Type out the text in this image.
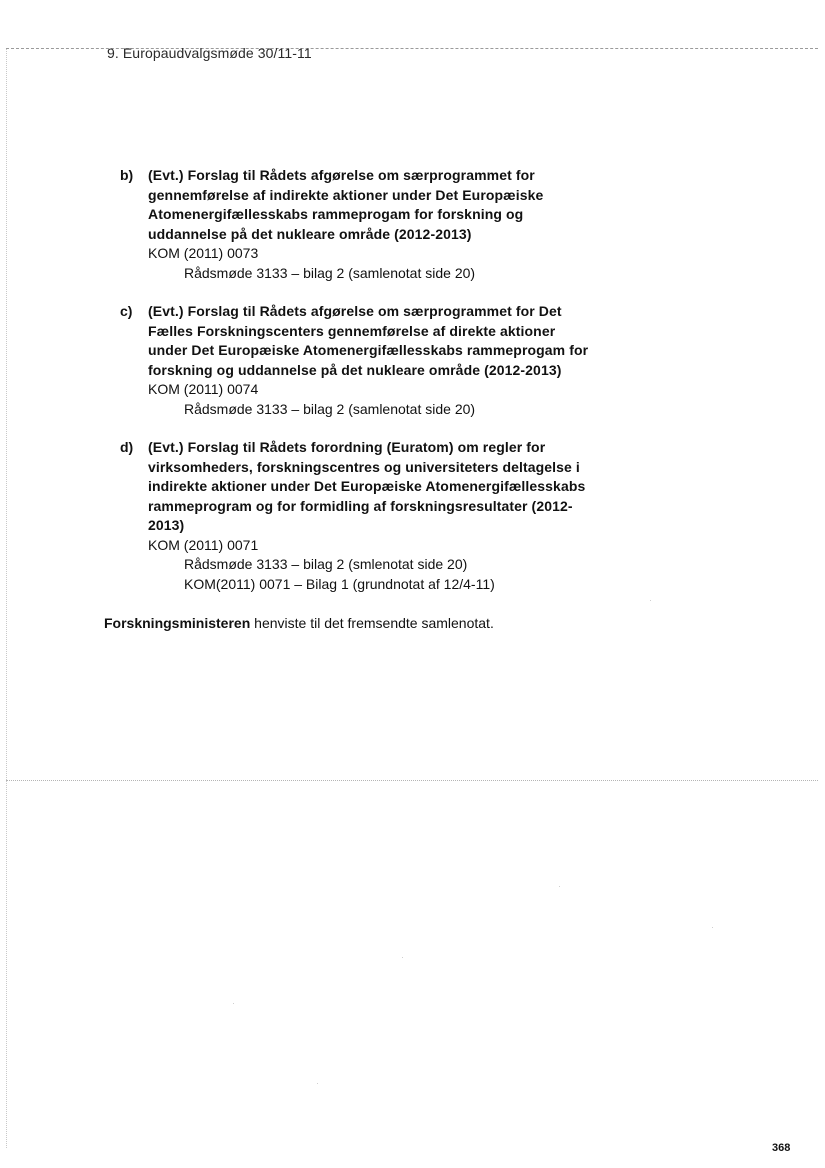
9. Europaudvalgsmøde 30/11-11
b) (Evt.) Forslag til Rådets afgørelse om særprogrammet for gennemførelse af indirekte aktioner under Det Europæiske Atomenergifællesskabs rammeprogam for forskning og uddannelse på det nukleare område (2012-2013)
KOM (2011) 0073
Rådsmøde 3133 – bilag 2 (samlenotat side 20)
c) (Evt.) Forslag til Rådets afgørelse om særprogrammet for Det Fælles Forskningscenters gennemførelse af direkte aktioner under Det Europæiske Atomenergifællesskabs rammeprogam for forskning og uddannelse på det nukleare område (2012-2013)
KOM (2011) 0074
Rådsmøde 3133 – bilag 2 (samlenotat side 20)
d) (Evt.) Forslag til Rådets forordning (Euratom) om regler for virksomheders, forskningscentres og universiteters deltagelse i indirekte aktioner under Det Europæiske Atomenergifællesskabs rammeprogram og for formidling af forskningsresultater (2012-2013)
KOM (2011) 0071
Rådsmøde 3133 – bilag 2 (smlenotat side 20)
KOM(2011) 0071 – Bilag 1 (grundnotat af 12/4-11)
Forskningsministeren henviste til det fremsendte samlenotat.
368
